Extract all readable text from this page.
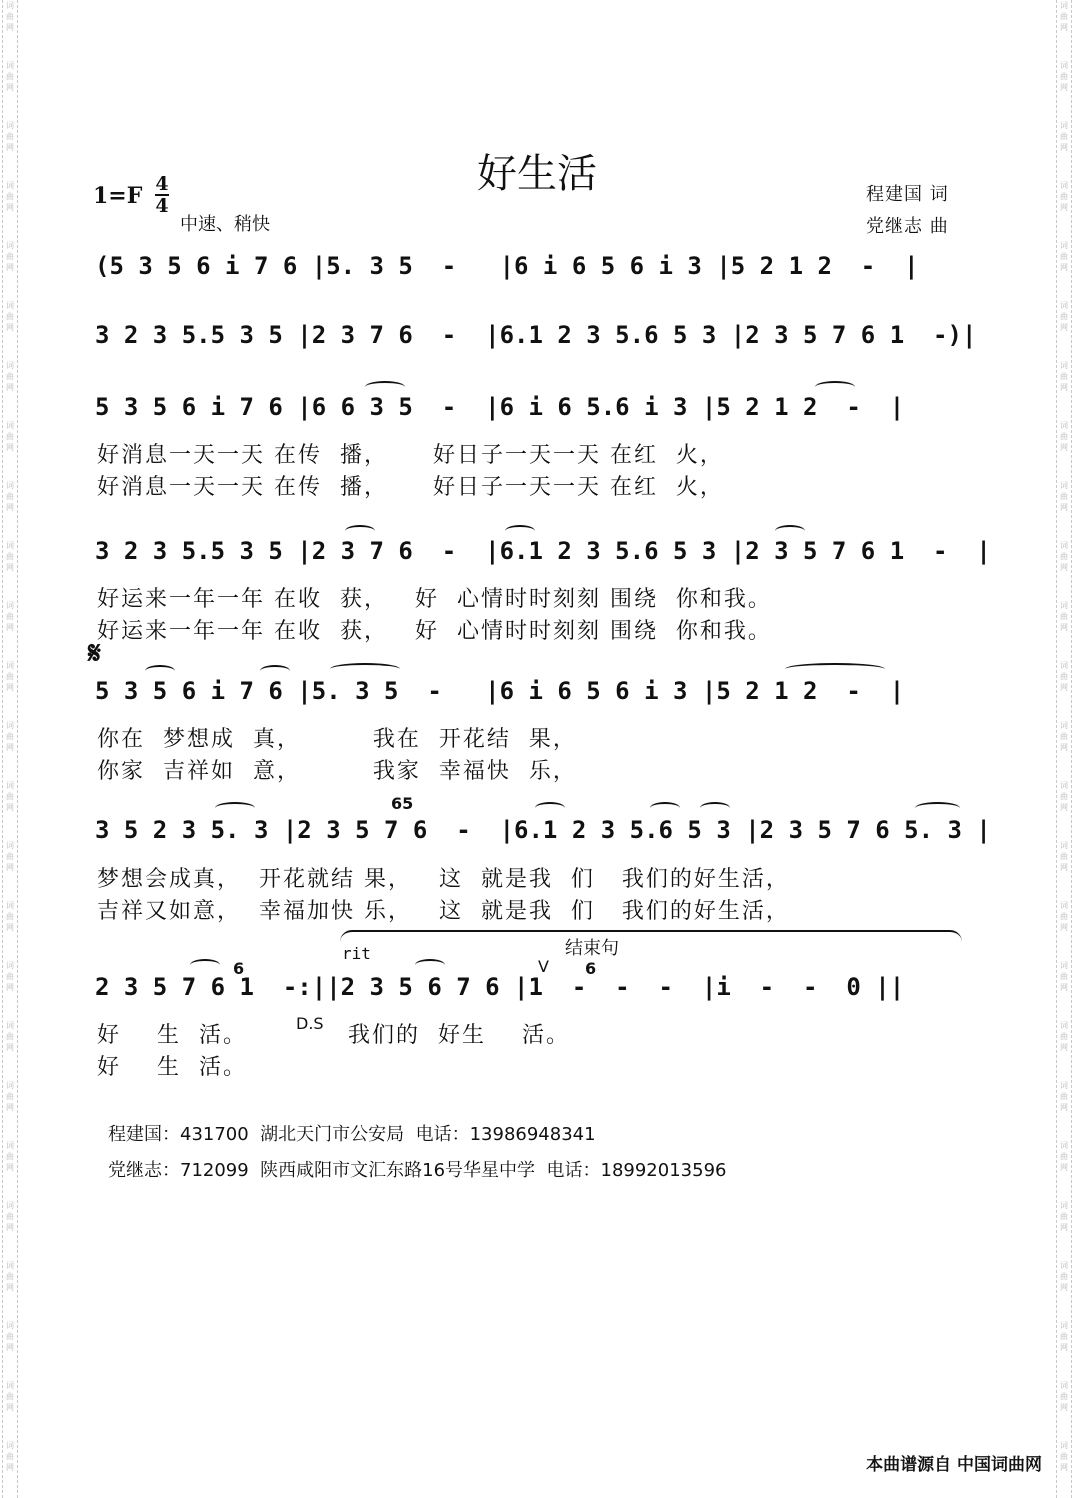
词
曲
网
词
曲
网
词
曲
网
词
曲
网
词
曲
网
词
曲
网
词
曲
网
词
曲
网
词
曲
网
词
曲
网
词
曲
网
词
曲
网
词
曲
网
词
曲
网
词
曲
网
词
曲
网
词
曲
网
词
曲
网
词
曲
网
词
曲
网
词
曲
网
词
曲
网
词
曲
网
词
曲
网
词
曲
网
词
曲
网
词
曲
网
词
曲
网
词
曲
网
词
曲
网
词
曲
网
词
曲
网
词
曲
网
词
曲
网
词
曲
网
词
曲
网
词
曲
网
词
曲
网
词
曲
网
词
曲
网
词
曲
网
词
曲
网
词
曲
网
词
曲
网
词
曲
网
词
曲
网
词
曲
网
词
曲
网
词
曲
网
词
曲
网
好生活
1=F 4
4
中速、稍快
程建国 词
党继志 曲
(5 3 5 6 i 7 6 |5. 3 5  -   |6 i 6 5 6 i 3 |5 2 1 2  -  |
3 2 3 5.5 3 5 |2 3 7 6  -  |6.1 2 3 5.6 5 3 |2 3 5 7 6 1  -)|
5 3 5 6 i 7 6 |6 6 3 5  -  |6 i 6 5.6 i 3 |5 2 1 2  -  |
好消息一天一天 在传  播，     好日子一天一天 在红  火，
好消息一天一天 在传  播，     好日子一天一天 在红  火，
3 2 3 5.5 3 5 |2 3 7 6  -  |6.1 2 3 5.6 5 3 |2 3 5 7 6 1  -  |
好运来一年一年 在收  获，   好  心情时时刻刻 围绕  你和我。
好运来一年一年 在收  获，   好  心情时时刻刻 围绕  你和我。
𝄋
5 3 5 6 i 7 6 |5. 3 5  -   |6 i 6 5 6 i 3 |5 2 1 2  -  |
你在  梦想成  真，        我在  开花结  果，
你家  吉祥如  意，        我家  幸福快  乐，
65
3 5 2 3 5. 3 |2 3 5 7 6  -  |6.1 2 3 5.6 5 3 |2 3 5 7 6 5. 3 |
梦想会成真，  开花就结 果，   这  就是我  们   我们的好生活，
吉祥又如意，  幸福加快 乐，   这  就是我  们   我们的好生活，
rit	结束句
6	V 6
2 3 5 7 6 1  -:||2 3 5 6 7 6 |1  -  -  -  |i  -  -  0 ||
好    生  活。	D.S 我们的  好生    活。
好    生  活。
程建国：431700  湖北天门市公安局  电话：13986948341
党继志：712099  陕西咸阳市文汇东路16号华星中学  电话：18992013596
本曲谱源自 中国词曲网
